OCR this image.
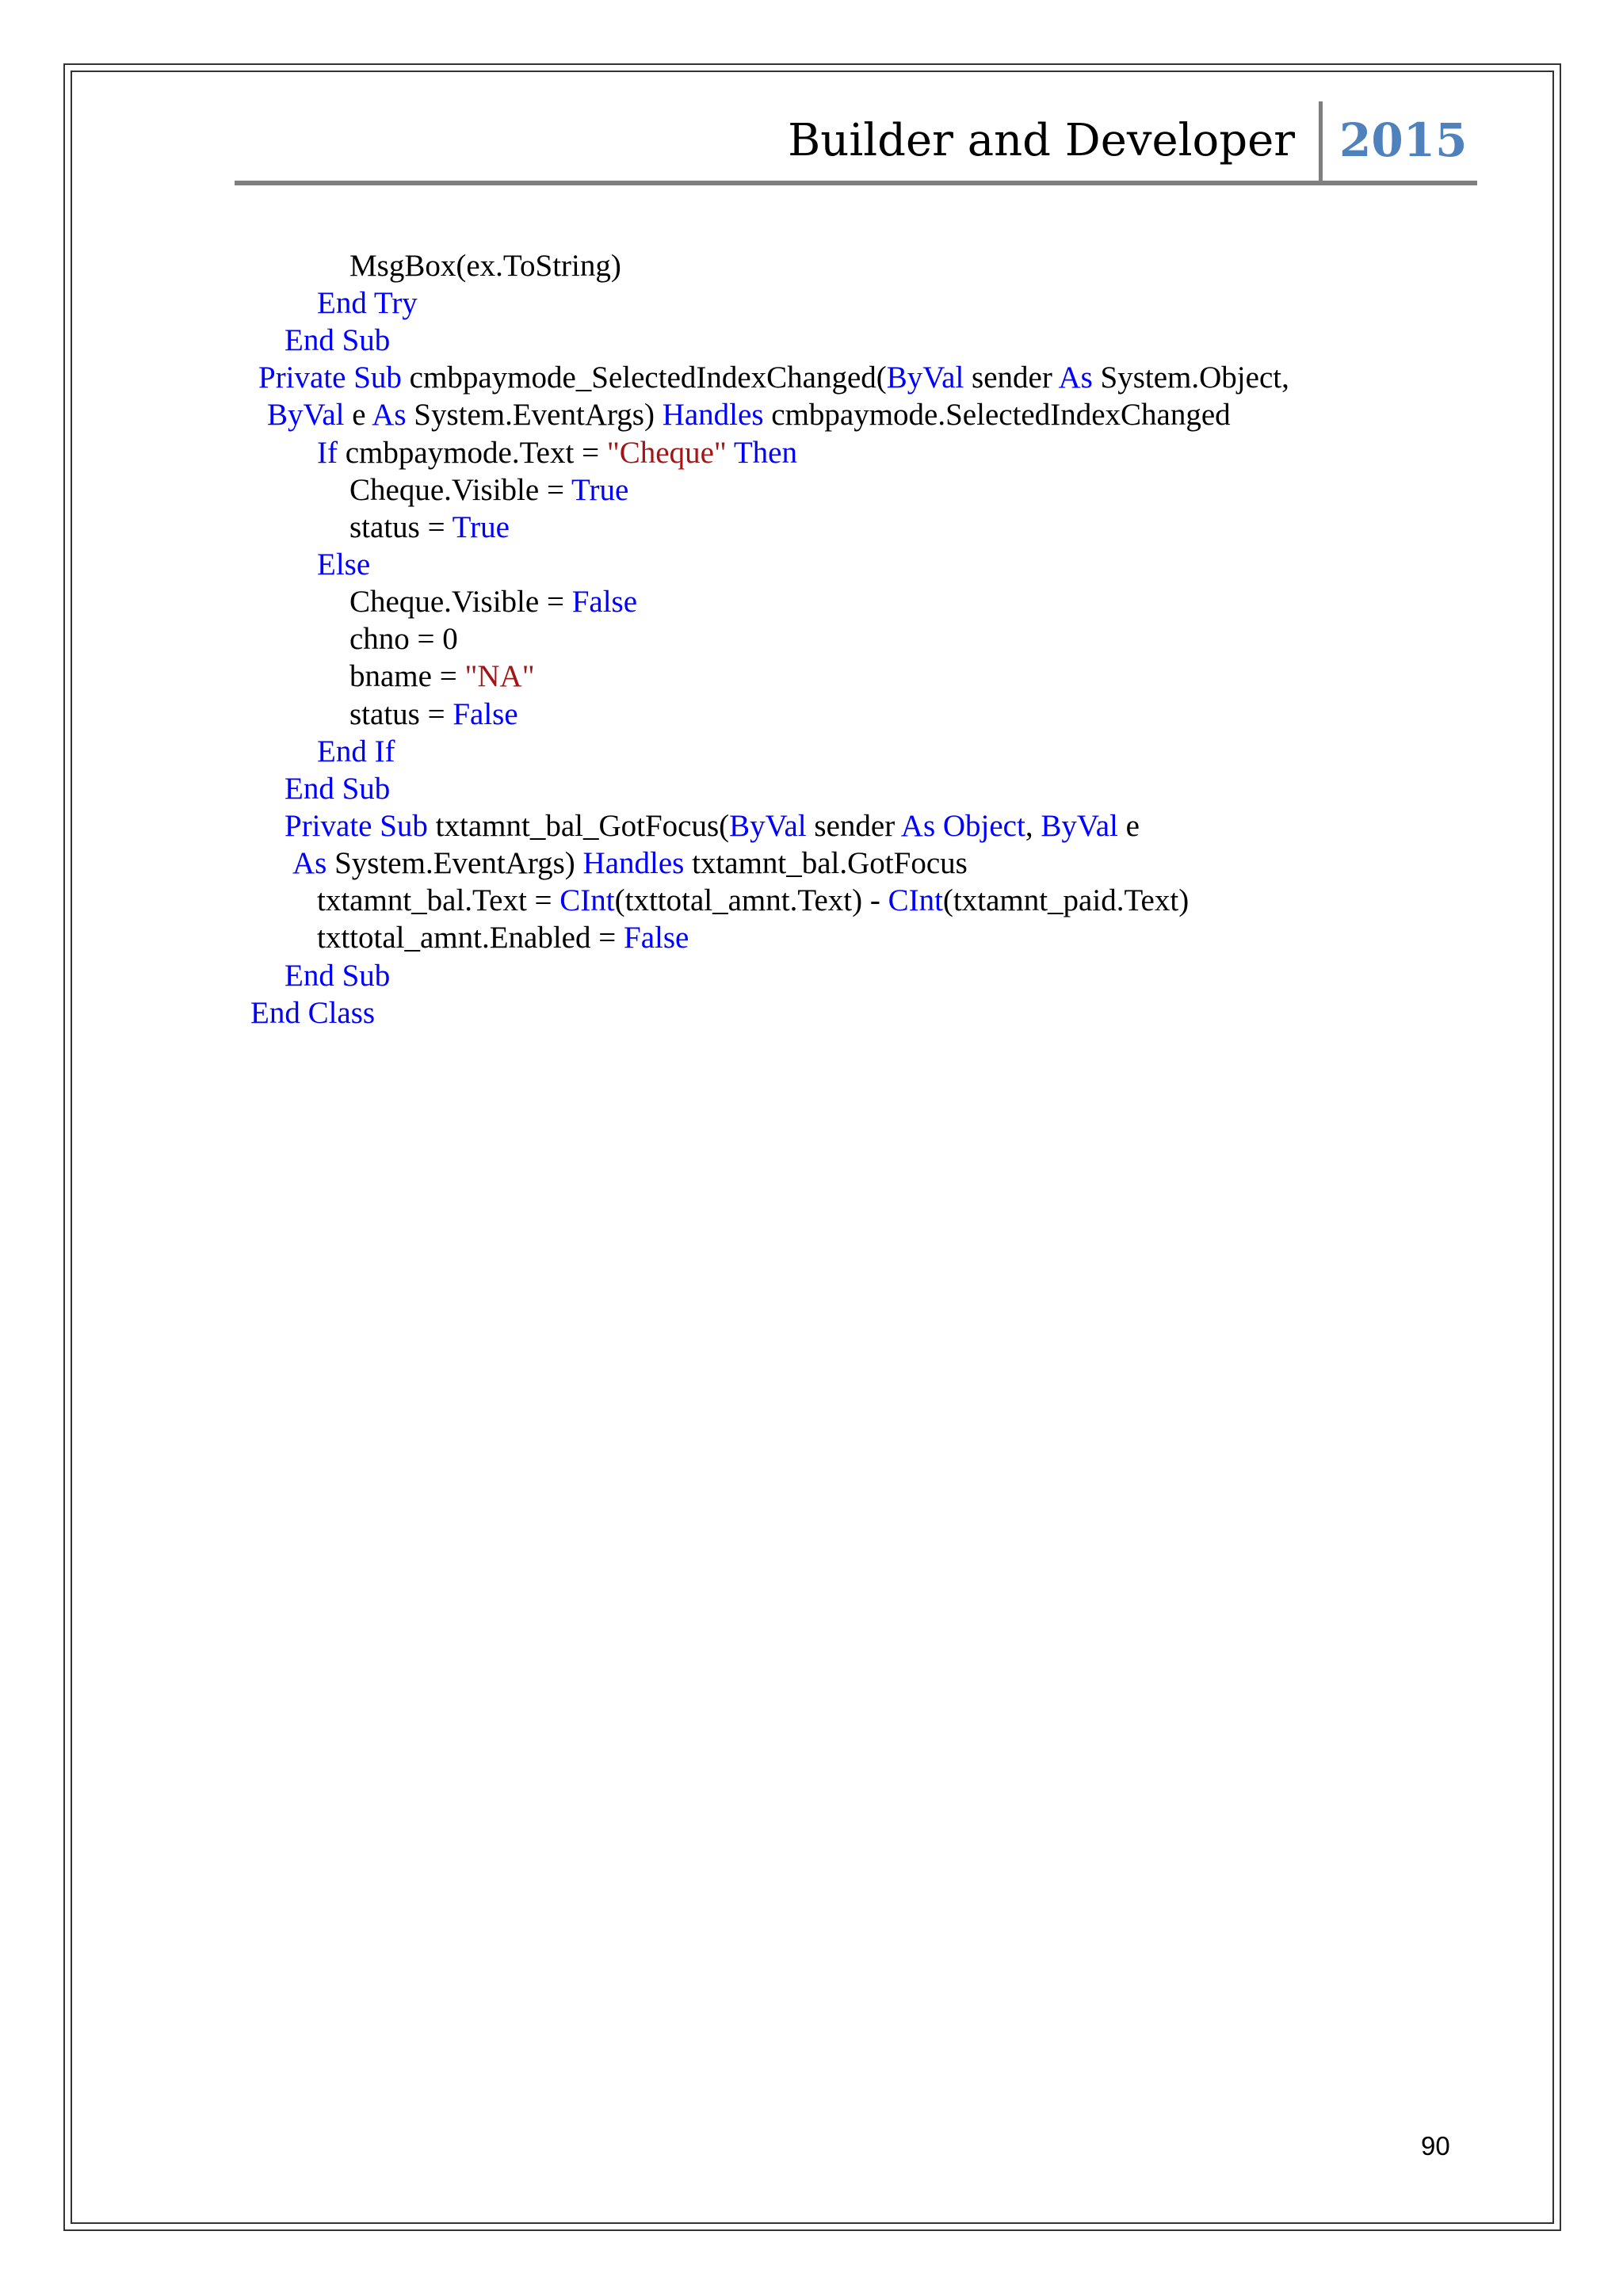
Builder and Developer 2015
MsgBox(ex.ToString)
End Try
End Sub
Private Sub cmbpaymode_SelectedIndexChanged(ByVal sender As System.Object,
ByVal e As System.EventArgs) Handles cmbpaymode.SelectedIndexChanged
If cmbpaymode.Text = "Cheque" Then
Cheque.Visible = True
status = True
Else
Cheque.Visible = False
chno = 0
bname = "NA"
status = False
End If
End Sub
Private Sub txtamnt_bal_GotFocus(ByVal sender As Object, ByVal e
As System.EventArgs) Handles txtamnt_bal.GotFocus
txtamnt_bal.Text = CInt(txttotal_amnt.Text) - CInt(txtamnt_paid.Text)
txttotal_amnt.Enabled = False
End Sub
End Class
90
